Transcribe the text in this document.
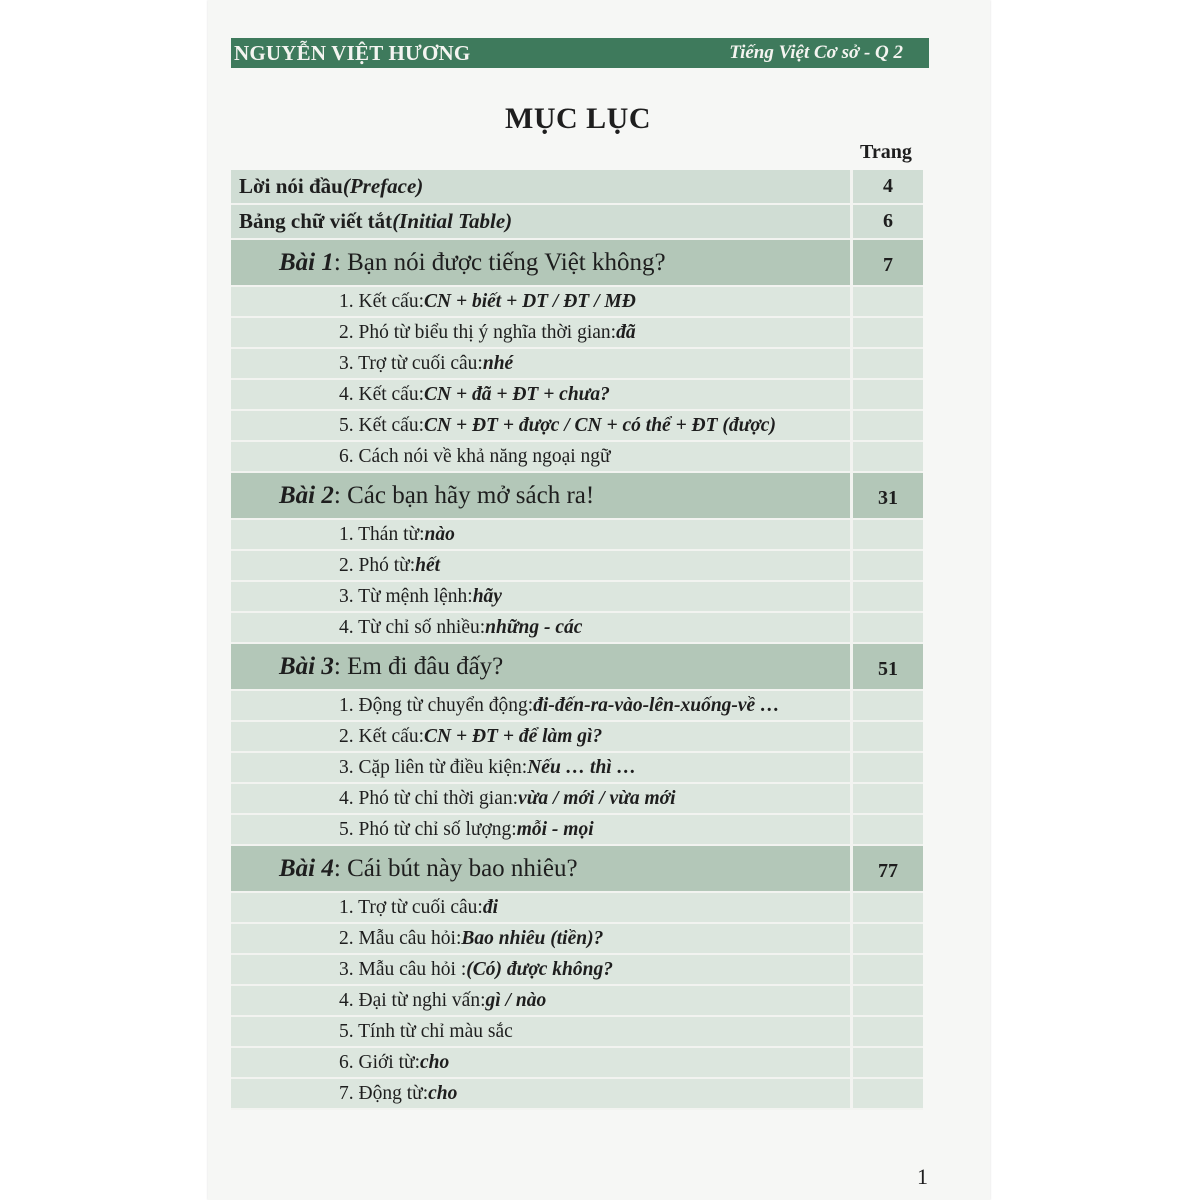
NGUYỄN VIỆT HƯƠNG	Tiếng Việt Cơ sở - Q 2
MỤC LỤC
Trang
Lời nói đầu (Preface)	4
Bảng chữ viết tắt (Initial Table)	6
Bài 1 : Bạn nói được tiếng Việt không?	7
1. Kết cấu: CN + biết + DT / ĐT / MĐ
2. Phó từ biểu thị ý nghĩa thời gian: đã
3. Trợ từ cuối câu: nhé
4. Kết cấu: CN + đã + ĐT + chưa?
5. Kết cấu: CN + ĐT + được / CN + có thể + ĐT (được)
6. Cách nói về khả năng ngoại ngữ
Bài 2 : Các bạn hãy mở sách ra!	31
1. Thán từ: nào
2. Phó từ: hết
3. Từ mệnh lệnh: hãy
4. Từ chỉ số nhiều: những - các
Bài 3 : Em đi đâu đấy?	51
1. Động từ chuyển động: đi-đến-ra-vào-lên-xuống-về …
2. Kết cấu: CN + ĐT + để làm gì?
3. Cặp liên từ điều kiện: Nếu … thì …
4. Phó từ chỉ thời gian: vừa / mới / vừa mới
5. Phó từ chỉ số lượng: mỗi - mọi
Bài 4 : Cái bút này bao nhiêu?	77
1. Trợ từ cuối câu: đi
2. Mẫu câu hỏi: Bao nhiêu (tiền)?
3. Mẫu câu hỏi : (Có) được không?
4. Đại từ nghi vấn: gì / nào
5. Tính từ chỉ màu sắc
6. Giới từ: cho
7. Động từ: cho
1
